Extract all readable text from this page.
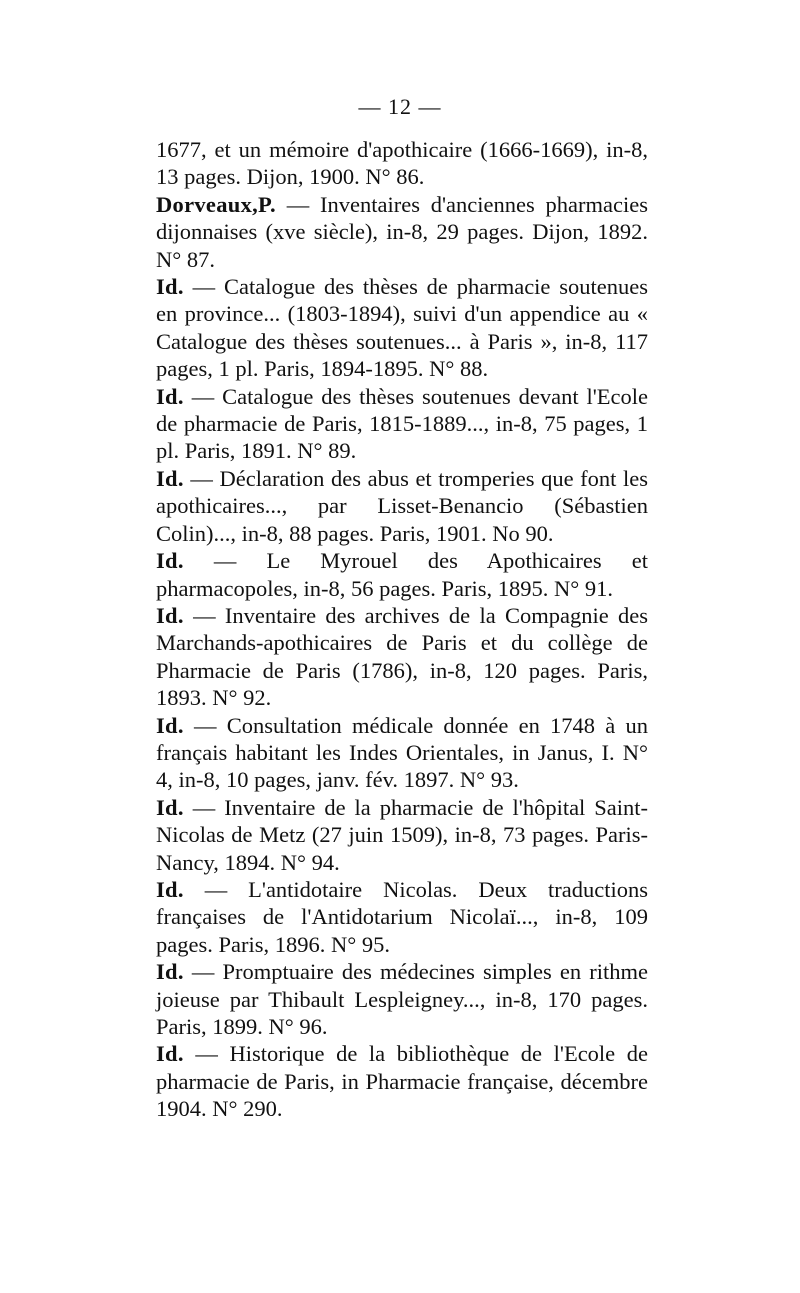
— 12 —

1677, et un mémoire d'apothicaire (1666-1669), in-8, 13 pages. Dijon, 1900. N° 86.

Dorveaux,P. — Inventaires d'anciennes pharmacies dijonnaises (xve siècle), in-8, 29 pages. Dijon, 1892. N° 87.

Id. — Catalogue des thèses de pharmacie soutenues en province... (1803-1894), suivi d'un appendice au « Catalogue des thèses soutenues... à Paris », in-8, 117 pages, 1 pl. Paris, 1894-1895. N° 88.

Id. — Catalogue des thèses soutenues devant l'Ecole de pharmacie de Paris, 1815-1889..., in-8, 75 pages, 1 pl. Paris, 1891. N° 89.

Id. — Déclaration des abus et tromperies que font les apothicaires..., par Lisset-Benancio (Sébastien Colin)..., in-8, 88 pages. Paris, 1901. No 90.

Id. — Le Myrouel des Apothicaires et pharmacopoles, in-8, 56 pages. Paris, 1895. N° 91.

Id. — Inventaire des archives de la Compagnie des Marchands-apothicaires de Paris et du collège de Pharmacie de Paris (1786), in-8, 120 pages. Paris, 1893. N° 92.

Id. — Consultation médicale donnée en 1748 à un français habitant les Indes Orientales, in Janus, I. N° 4, in-8, 10 pages, janv. fév. 1897. N° 93.

Id. — Inventaire de la pharmacie de l'hôpital Saint-Nicolas de Metz (27 juin 1509), in-8, 73 pages. Paris-Nancy, 1894. N° 94.

Id. — L'antidotaire Nicolas. Deux traductions françaises de l'Antidotarium Nicolaï..., in-8, 109 pages. Paris, 1896. N° 95.

Id. — Promptuaire des médecines simples en rithme joieuse par Thibault Lespleigney..., in-8, 170 pages. Paris, 1899. N° 96.

Id. — Historique de la bibliothèque de l'Ecole de pharmacie de Paris, in Pharmacie française, décembre 1904. N° 290.
